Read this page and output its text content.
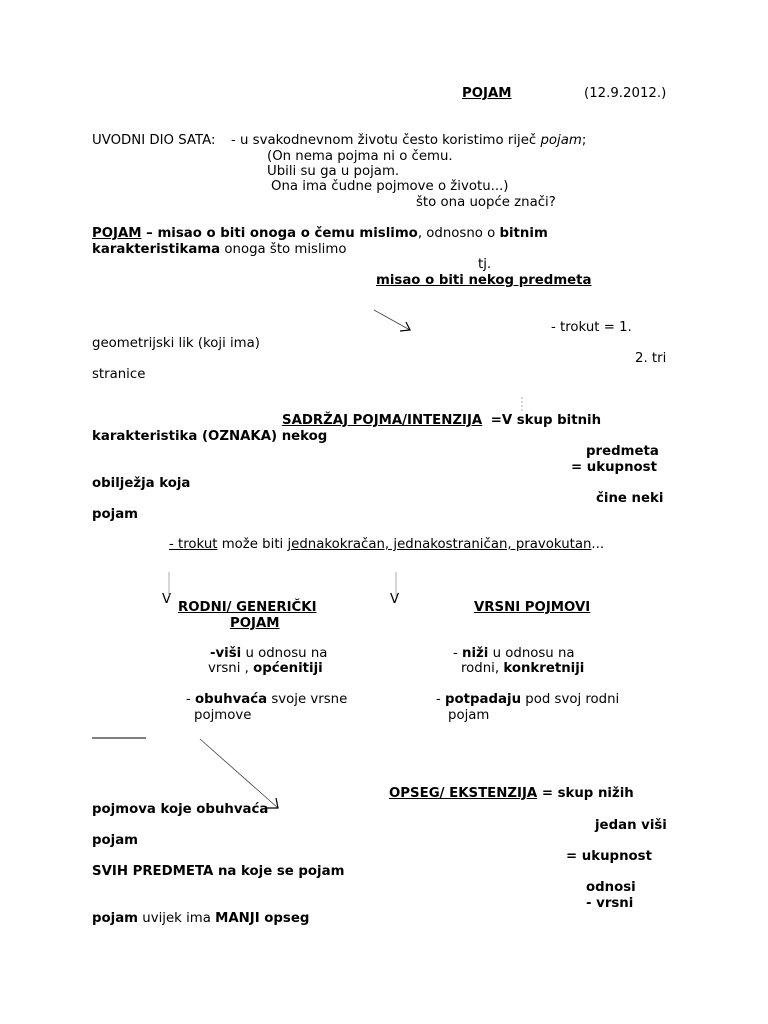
POJAM	(12.9.2012.)
UVODNI DIO SATA: - u svakodnevnom životu često koristimo riječ pojam;
(On nema pojma ni o čemu.
Ubili su ga u pojam.
Ona ima čudne pojmove o životu...)
što ona uopće znači?
POJAM – misao o biti onoga o čemu mislimo, odnosno o bitnim
karakteristikama onoga što mislimo
tj.
misao o biti nekog predmeta
- trokut = 1.
geometrijski lik (koji ima)
2. tri
stranice
SADRŽAJ POJMA/INTENZIJA =V skup bitnih
karakteristika (OZNAKA) nekog
predmeta
= ukupnost
obilježja koja
čine neki
pojam
- trokut može biti jednakokračan, jednakostraničan, pravokutan...
V	V
RODNI/ GENERIČKI
POJAM
VRSNI POJMOVI
-viši u odnosu na
vrsni , općenitiji
- niži u odnosu na
rodni, konkretniji
- obuhvaća svoje vrsne
pojmove
- potpadaju pod svoj rodni
pojam
OPSEG/ EKSTENZIJA = skup nižih
pojmova koje obuhvaća
jedan viši
pojam
= ukupnost
SVIH PREDMETA na koje se pojam
odnosi
- vrsni
pojam uvijek ima MANJI opseg
